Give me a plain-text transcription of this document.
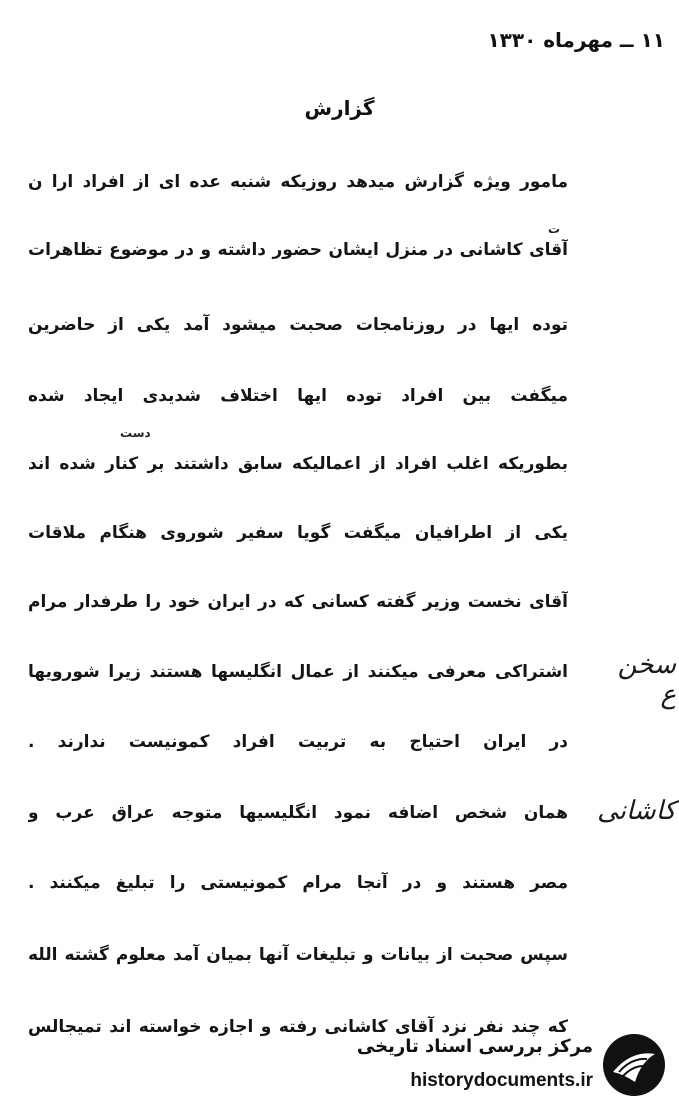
۱۱ ــ مهرماه ۱۳۳۰
گزارش
مامور ویژه گزارش میدهد روزیکه شنبه عده ای از افراد ارا ن
آقای کاشانی در منزل ایشان حضور داشته و در موضوع تظاهرات
توده ایها در روزنامجات صحبت میشود آمد یکی از حاضرین
میگفت بین افراد توده ایها اختلاف شدیدی ایجاد شده
بطوریکه اغلب افراد از اعمالیکه سابق داشتند بر کنار شده اند
یکی از اطرافیان میگفت گویا سفیر شوروی هنگام ملاقات
آقای نخست وزیر گفته کسانی که در ایران خود را طرفدار مرام
اشتراکی معرفی میکنند از عمال انگلیسها هستند زیرا شورویها
در ایران احتیاج به تربیت افراد کمونیست ندارند .
همان شخص اضافه نمود انگلیسیها متوجه عراق عرب و
مصر هستند و در آنجا مرام کمونیستی را تبلیغ میکنند .
سپس صحبت از بیانات و تبلیغات آنها بمیان آمد معلوم گشته الله
که چند نفر نزد آقای کاشانی رفته و اجازه خواسته اند تمیجالس
ت
دست
سخن ع
کاشانی
مرکز بررسی اسناد تاریخی
historydocuments.ir
